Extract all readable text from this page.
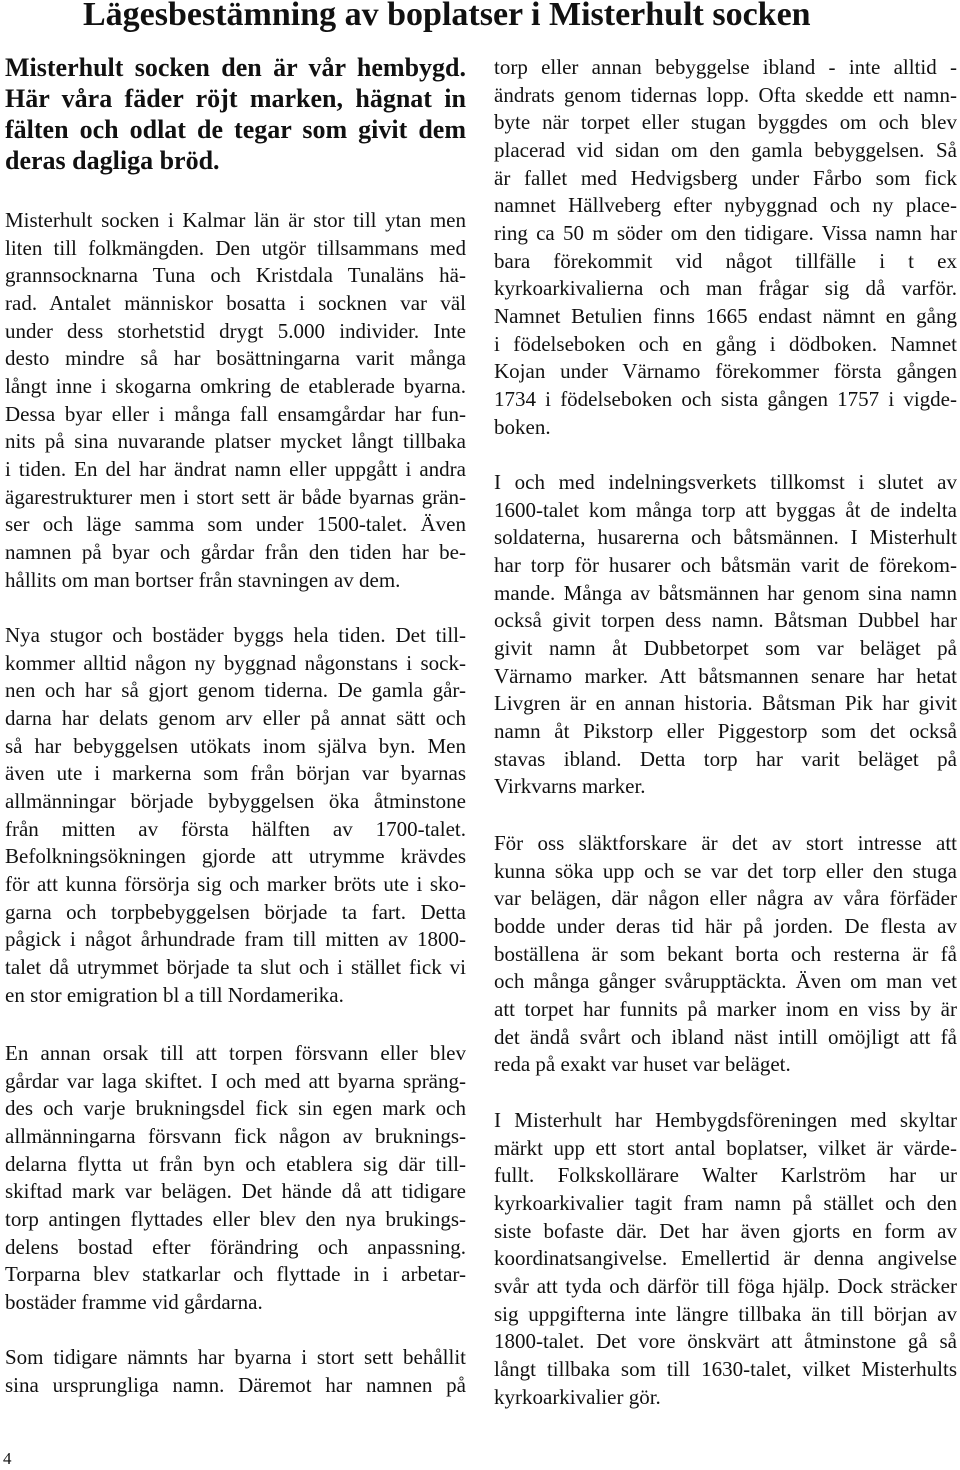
Lägesbestämning av boplatser i Misterhult socken
Misterhult socken den är vår hembygd.
Här våra fäder röjt marken, hägnat in
fälten och odlat de tegar som givit dem
deras dagliga bröd.
Misterhult socken i Kalmar län är stor till ytan men
liten till folkmängden. Den utgör tillsammans med
grannsocknarna Tuna och Kristdala Tunaläns hä-
rad. Antalet människor bosatta i socknen var väl
under dess storhetstid drygt 5.000 individer. Inte
desto mindre så har bosättningarna varit många
långt inne i skogarna omkring de etablerade byarna.
Dessa byar eller i många fall ensamgårdar har fun-
nits på sina nuvarande platser mycket långt tillbaka
i tiden. En del har ändrat namn eller uppgått i andra
ägarestrukturer men i stort sett är både byarnas grän-
ser och läge samma som under 1500-talet. Även
namnen på byar och gårdar från den tiden har be-
hållits om man bortser från stavningen av dem.
Nya stugor och bostäder byggs hela tiden. Det till-
kommer alltid någon ny byggnad någonstans i sock-
nen och har så gjort genom tiderna. De gamla går-
darna har delats genom arv eller på annat sätt och
så har bebyggelsen utökats inom själva byn. Men
även ute i markerna som från början var byarnas
allmänningar började bybyggelsen öka åtminstone
från mitten av första hälften av 1700-talet.
Befolkningsökningen gjorde att utrymme krävdes
för att kunna försörja sig och marker bröts ute i sko-
garna och torpbebyggelsen började ta fart. Detta
pågick i något århundrade fram till mitten av 1800-
talet då utrymmet började ta slut och i stället fick vi
en stor emigration bl a till Nordamerika.
En annan orsak till att torpen försvann eller blev
gårdar var laga skiftet. I och med att byarna spräng-
des och varje brukningsdel fick sin egen mark och
allmänningarna försvann fick någon av bruknings-
delarna flytta ut från byn och etablera sig där till-
skiftad mark var belägen. Det hände då att tidigare
torp antingen flyttades eller blev den nya brukings-
delens bostad efter förändring och anpassning.
Torparna blev statkarlar och flyttade in i arbetar-
bostäder framme vid gårdarna.
Som tidigare nämnts har byarna i stort sett behållit
sina ursprungliga namn. Däremot har namnen på
torp eller annan bebyggelse ibland - inte alltid -
ändrats genom tidernas lopp. Ofta skedde ett namn-
byte när torpet eller stugan byggdes om och blev
placerad vid sidan om den gamla bebyggelsen. Så
är fallet med Hedvigsberg under Fårbo som fick
namnet Hällveberg efter nybyggnad och ny place-
ring ca 50 m söder om den tidigare. Vissa namn har
bara förekommit vid något tillfälle i t ex
kyrkoarkivalierna och man frågar sig då varför.
Namnet Betulien finns 1665 endast nämnt en gång
i födelseboken och en gång i dödboken. Namnet
Kojan under Värnamo förekommer första gången
1734 i födelseboken och sista gången 1757 i vigde-
boken.
I och med indelningsverkets tillkomst i slutet av
1600-talet kom många torp att byggas åt de indelta
soldaterna, husarerna och båtsmännen. I Misterhult
har torp för husarer och båtsmän varit de förekom-
mande. Många av båtsmännen har genom sina namn
också givit torpen dess namn. Båtsman Dubbel har
givit namn åt Dubbetorpet som var beläget på
Värnamo marker. Att båtsmannen senare har hetat
Livgren är en annan historia. Båtsman Pik har givit
namn åt Pikstorp eller Piggestorp som det också
stavas ibland. Detta torp har varit beläget på
Virkvarns marker.
För oss släktforskare är det av stort intresse att
kunna söka upp och se var det torp eller den stuga
var belägen, där någon eller några av våra förfäder
bodde under deras tid här på jorden. De flesta av
boställena är som bekant borta och resterna är få
och många gånger svårupptäckta. Även om man vet
att torpet har funnits på marker inom en viss by är
det ändå svårt och ibland näst intill omöjligt att få
reda på exakt var huset var beläget.
I Misterhult har Hembygdsföreningen med skyltar
märkt upp ett stort antal boplatser, vilket är värde-
fullt. Folkskollärare Walter Karlström har ur
kyrkoarkivalier tagit fram namn på stället och den
siste bofaste där. Det har även gjorts en form av
koordinatsangivelse. Emellertid är denna angivelse
svår att tyda och därför till föga hjälp. Dock sträcker
sig uppgifterna inte längre tillbaka än till början av
1800-talet. Det vore önskvärt att åtminstone gå så
långt tillbaka som till 1630-talet, vilket Misterhults
kyrkoarkivalier gör.
4
